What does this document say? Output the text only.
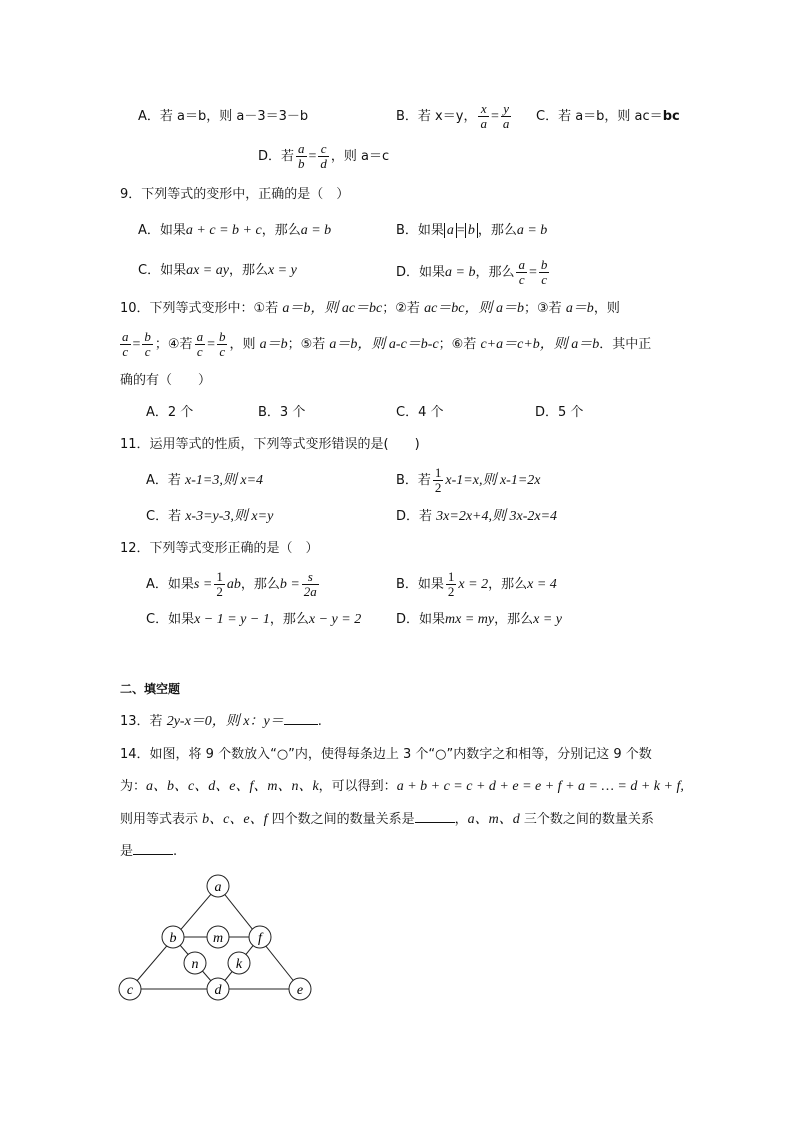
A．若 a＝b，则 a－3＝3－b	B．若 x＝y， $\frac{x}{a} = \frac{y}{a}$ C．若 a＝b，则 ac＝bc
D．若 $\frac{a}{b} = \frac{c}{d}$ ，则 a＝c
9．下列等式的变形中，正确的是（　）
A．如果a + c = b + c，那么a = b	B．如果 a = b ，那么a = b
C．如果ax = ay，那么x = y	D．如果a = b，那么 $\frac{a}{c} = \frac{b}{c}$
10．下列等式变形中：①若 a＝b，则 ac＝bc；②若 ac＝bc，则 a＝b；③若 a＝b，则
$\frac{a}{c} = \frac{b}{c}$ ；④若 $\frac{a}{c} = \frac{b}{c}$ ，则 a＝b；⑤若 a＝b，则 a-c＝b-c；⑥若 c+a＝c+b，则 a＝b．其中正
确的有（　　）
A．2 个	B．3 个	C．4 个	D．5 个
11．运用等式的性质，下列等式变形错误的是(　　)
A．若 x-1=3,则 x=4	B．若 $\frac{1}{2} x-1=x$,则 x-1=2x
C．若 x-3=y-3,则 x=y	D．若 3x=2x+4,则 3x-2x=4
12．下列等式变形正确的是（　）
A．如果$s = \frac{1}{2}$ ab，那么$b = \frac{s}{2a}$	B．如果 $\frac{1}{2}$ x = 2，那么x = 4
C．如果x − 1 = y − 1，那么x − y = 2	D．如果mx = my，那么x = y
二、填空题
13．若 2y-x＝0，则 x：y＝	.
14．如图，将 9 个数放入“○”内，使得每条边上 3 个“○”内数字之和相等，分别记这 9 个数
为：a、b、c、d、e、f、m、n、k，可以得到：a + b + c = c + d + e = e + f + a = … = d + k + f,
则用等式表示 b、c、e、f 四个数之间的数量关系是	，a、m、d 三个数之间的数量关系
是	.
a
b	m f
n	k
c	d	e
